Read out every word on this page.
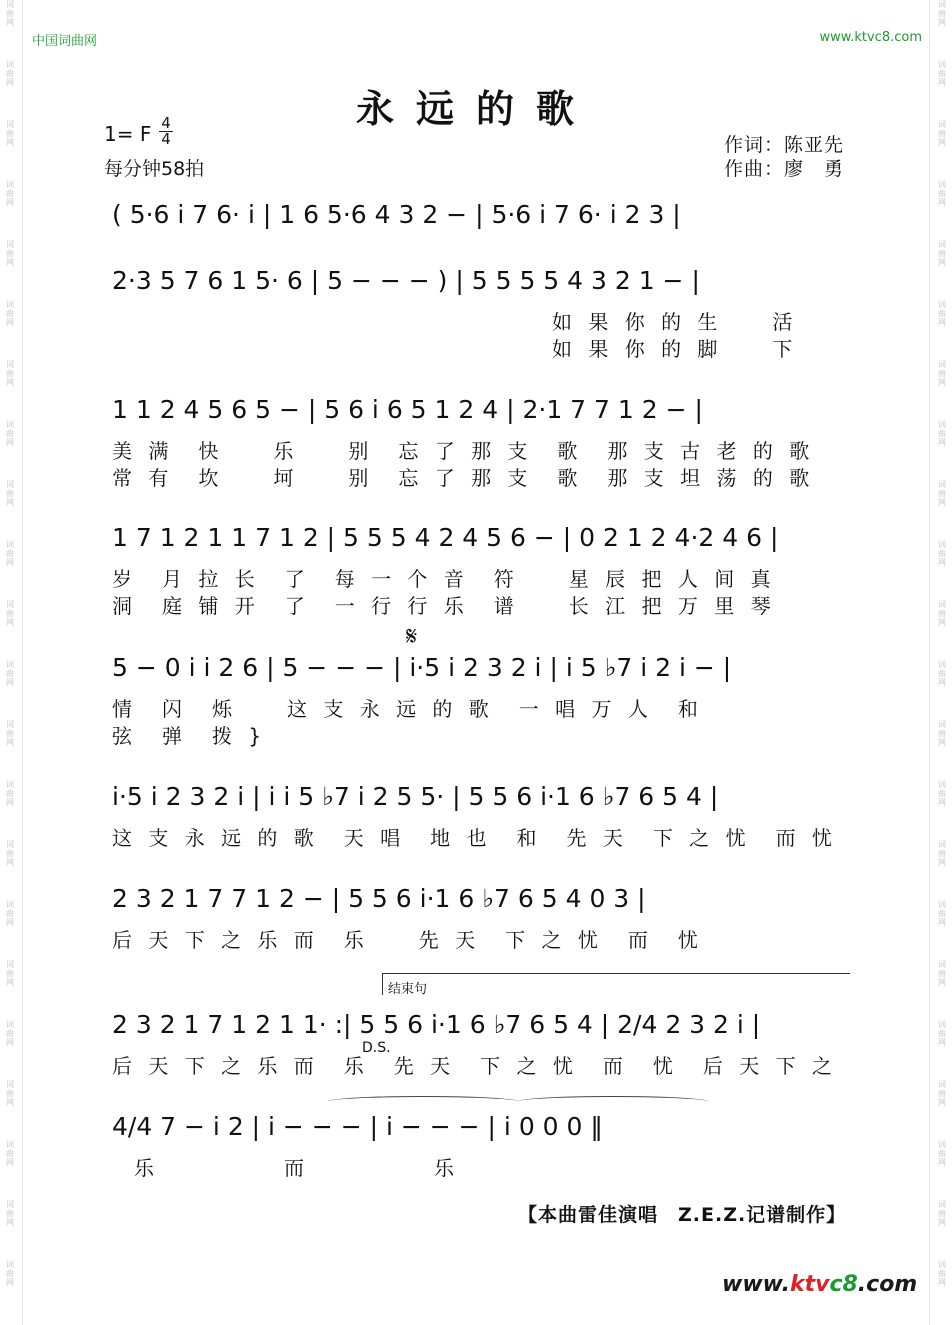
词曲网
词曲网
词曲网
词曲网
词曲网
词曲网
词曲网
词曲网
词曲网
词曲网
词曲网
词曲网
词曲网
词曲网
词曲网
词曲网
词曲网
词曲网
词曲网
词曲网
词曲网
词曲网
词曲网
词曲网
词曲网
词曲网
词曲网
词曲网
词曲网
词曲网
词曲网
词曲网
词曲网
词曲网
词曲网
词曲网
词曲网
词曲网
词曲网
词曲网
词曲网
词曲网
词曲网
词曲网
中国词曲网	www.ktvc8.com
永远的歌
1= F 4
4
每分钟58拍
作词：陈亚先
作曲：廖　勇
( 5·6 i 7 6· i | 1 6 5·6 4 3 2 − | 5·6 i 7 6· i 2 3 |
2·3 5 7 6 1 5· 6 | 5 − − − ) | 5 5 5 5 4 3 2 1 − |
如 果 你 的 生　　活
如 果 你 的 脚　　下
1 1 2 4 5 6 5 − | 5 6 i 6 5 1 2 4 | 2·1 7 7 1 2 − |
美 满　快　　乐　　别　忘 了 那 支　歌　那 支 古 老 的 歌
常 有　坎　　坷　　别　忘 了 那 支　歌　那 支 坦 荡 的 歌
1 7 1 2 1 1 7 1 2 | 5 5 5 4 2 4 5 6 − | 0 2 1 2 4·2 4 6 |
岁　月 拉 长　了　每 一 个 音　符　　星 辰 把 人 间 真
洞　庭 铺 开　了　一 行 行 乐　谱　　长 江 把 万 里 琴
𝄋
5 − 0 i i 2 6 | 5 − − − | i·5 i 2 3 2 i | i 5 ♭7 i 2 i − |
情　闪　烁　　这 支 永 远 的 歌　一 唱 万 人　和
弦　弹　拨 }
i·5 i 2 3 2 i | i i 5 ♭7 i 2 5 5· | 5 5 6 i·1 6 ♭7 6 5 4 |
这 支 永 远 的 歌　天 唱　地 也　和　先 天　下 之 忧　而 忧
2 3 2 1 7 7 1 2 − | 5 5 6 i·1 6 ♭7 6 5 4 0 3 |
后 天 下 之 乐 而　乐　　先 天　下 之 忧　而　忧
结束句
2 3 2 1 7 1 2 1 1· :| 5 5 6 i·1 6 ♭7 6 5 4 | 2/4 2 3 2 i |
D.S.
后 天 下 之 乐 而　乐　先 天　下 之 忧　而　忧　后 天 下 之
4/4 7 − i 2 | i − − − | i − − − | i 0 0 0 ‖
乐　　而　　乐
【本曲雷佳演唱　Z.E.Z.记谱制作】
www.ktvc8.com
